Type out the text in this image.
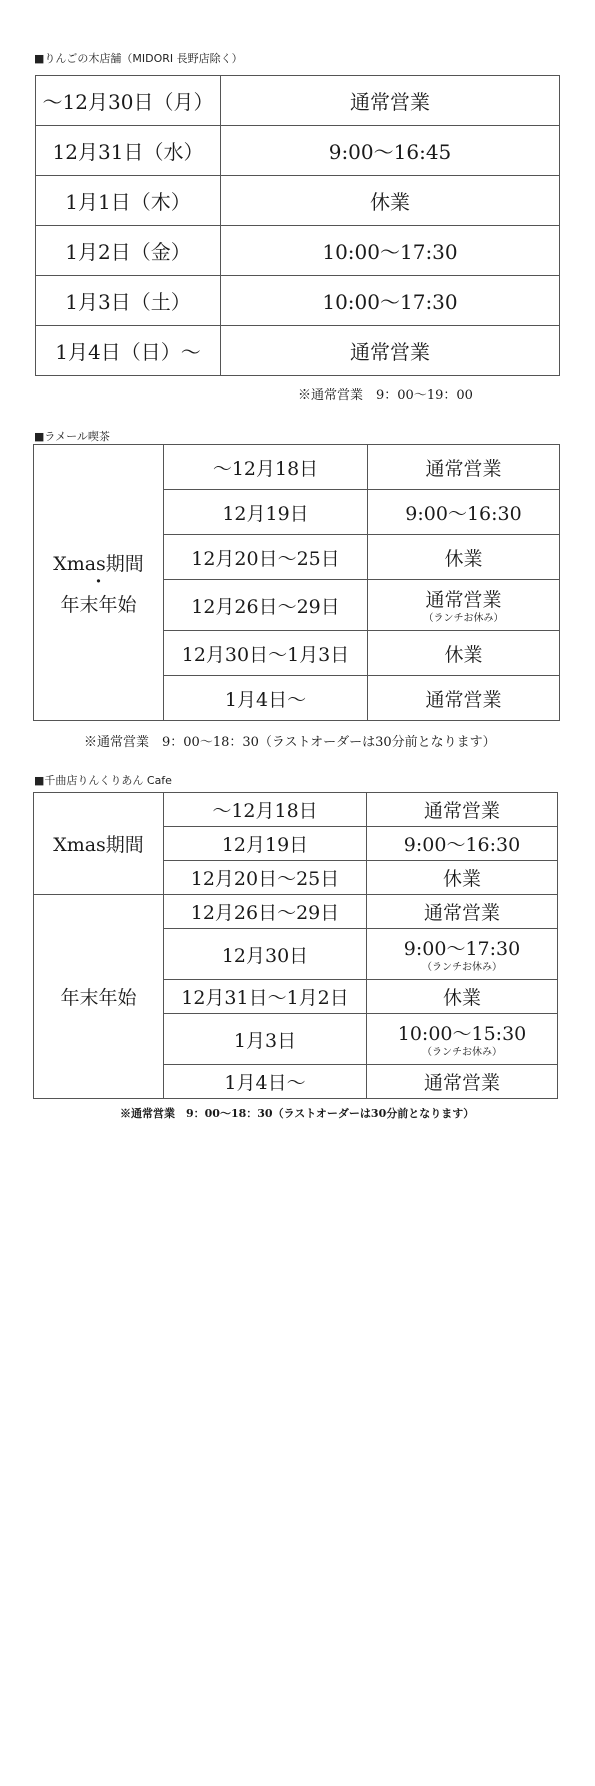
■りんごの木店舗（MIDORI 長野店除く）
〜12月30日（月）	通常営業
12月31日（水）	9:00〜16:45
1月1日（木）	休業
1月2日（金）	10:00〜17:30
1月3日（土）	10:00〜17:30
1月4日（日）〜	通常営業
※通常営業　9：00〜19：00
■ラメール喫茶
Xmas期間
・
年末年始	〜12月18日	通常営業
	12月19日	9:00〜16:30
	12月20日〜25日	休業
	12月26日〜29日	通常営業
（ランチお休み）

	12月30日〜1月3日	休業
	1月4日〜	通常営業
※通常営業　9：00〜18：30（ラストオーダーは30分前となります）
■千曲店りんくりあん Cafe
Xmas期間	〜12月18日	通常営業
	12月19日	9:00〜16:30
	12月20日〜25日	休業
年末年始	12月26日〜29日	通常営業
	12月30日	9:00〜17:30
（ランチお休み）

	12月31日〜1月2日	休業
	1月3日	10:00〜15:30
（ランチお休み）

	1月4日〜	通常営業
※通常営業　9：00〜18：30（ラストオーダーは30分前となります）
